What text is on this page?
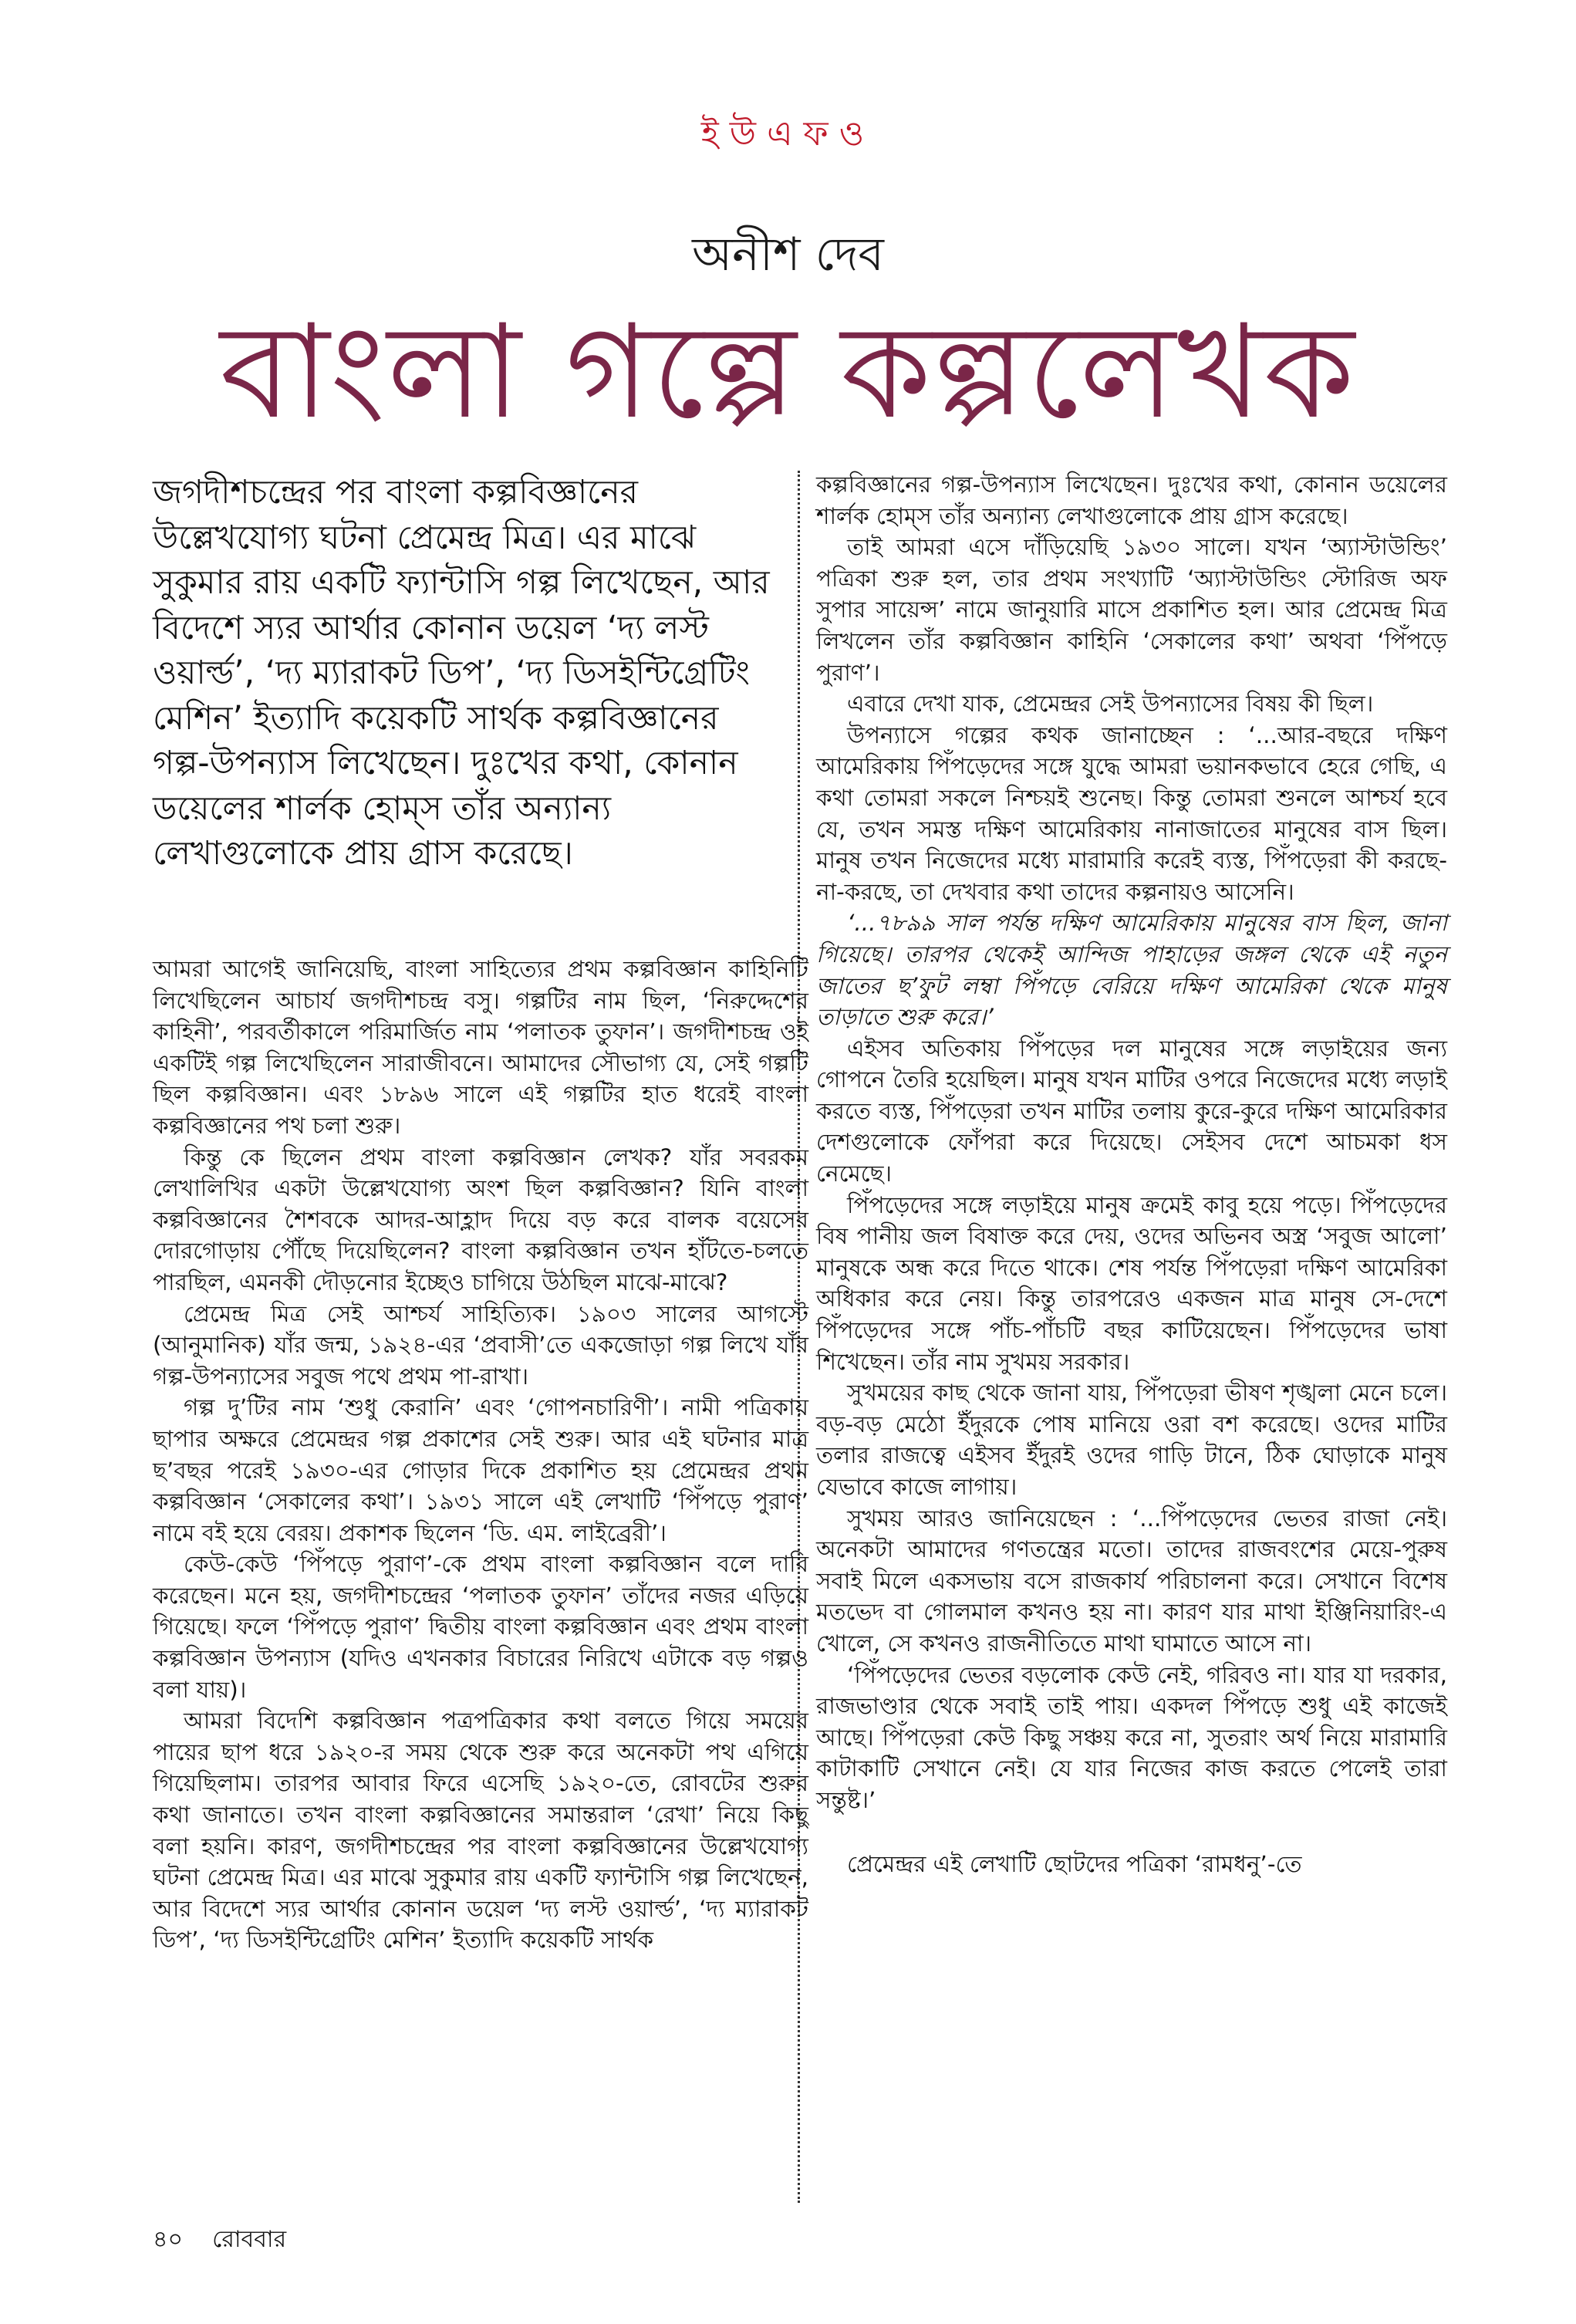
ইউএফও
অনীশ দেব
বাংলা গল্পে কল্পলেখক

জগদীশচন্দ্রের পর বাংলা কল্পবিজ্ঞানের উল্লেখযোগ্য ঘটনা প্রেমেন্দ্র মিত্র। এর মাঝে সুকুমার রায় একটি ফ্যান্টাসি গল্প লিখেছেন, আর বিদেশে স্যর আর্থার কোনান ডয়েল ‘দ্য লস্ট ওয়ার্ল্ড’, ‘দ্য ম্যারাকট ডিপ’, ‘দ্য ডিসইন্টিগ্রেটিং মেশিন’ ইত্যাদি কয়েকটি সার্থক কল্পবিজ্ঞানের গল্প-উপন্যাস লিখেছেন। দুঃখের কথা, কোনান ডয়েলের শার্লক হোম্স তাঁর অন্যান্য লেখাগুলোকে প্রায় গ্রাস করেছে।

আমরা আগেই জানিয়েছি, বাংলা সাহিত্যের প্রথম কল্পবিজ্ঞান কাহিনিটি লিখেছিলেন আচার্য জগদীশচন্দ্র বসু। গল্পটির নাম ছিল, ‘নিরুদ্দেশের কাহিনী’, পরবর্তীকালে পরিমার্জিত নাম ‘পলাতক তুফান’। জগদীশচন্দ্র ওই একটিই গল্প লিখেছিলেন সারাজীবনে। আমাদের সৌভাগ্য যে, সেই গল্পটি ছিল কল্পবিজ্ঞান। এবং ১৮৯৬ সালে এই গল্পটির হাত ধরেই বাংলা কল্পবিজ্ঞানের পথ চলা শুরু।

কিন্তু কে ছিলেন প্রথম বাংলা কল্পবিজ্ঞান লেখক? যাঁর সবরকম লেখালিখির একটা উল্লেখযোগ্য অংশ ছিল কল্পবিজ্ঞান? যিনি বাংলা কল্পবিজ্ঞানের শৈশবকে আদর-আহ্লাদ দিয়ে বড় করে বালক বয়েসের দোরগোড়ায় পৌঁছে দিয়েছিলেন? বাংলা কল্পবিজ্ঞান তখন হাঁটতে-চলতে পারছিল, এমনকী দৌড়নোর ইচ্ছেও চাগিয়ে উঠছিল মাঝে-মাঝে?

প্রেমেন্দ্র মিত্র সেই আশ্চর্য সাহিত্যিক। ১৯০৩ সালের আগস্টে (আনুমানিক) যাঁর জন্ম, ১৯২৪-এর ‘প্রবাসী’তে একজোড়া গল্প লিখে যাঁর গল্প-উপন্যাসের সবুজ পথে প্রথম পা-রাখা।

গল্প দু’টির নাম ‘শুধু কেরানি’ এবং ‘গোপনচারিণী’। নামী পত্রিকায় ছাপার অক্ষরে প্রেমেন্দ্রর গল্প প্রকাশের সেই শুরু। আর এই ঘটনার মাত্র ছ’বছর পরেই ১৯৩০-এর গোড়ার দিকে প্রকাশিত হয় প্রেমেন্দ্রর প্রথম কল্পবিজ্ঞান ‘সেকালের কথা’। ১৯৩১ সালে এই লেখাটি ‘পিঁপড়ে পুরাণ’ নামে বই হয়ে বেরয়। প্রকাশক ছিলেন ‘ডি. এম. লাইব্রেরী’।

কেউ-কেউ ‘পিঁপড়ে পুরাণ’-কে প্রথম বাংলা কল্পবিজ্ঞান বলে দাবি করেছেন। মনে হয়, জগদীশচন্দ্রের ‘পলাতক তুফান’ তাঁদের নজর এড়িয়ে গিয়েছে। ফলে ‘পিঁপড়ে পুরাণ’ দ্বিতীয় বাংলা কল্পবিজ্ঞান এবং প্রথম বাংলা কল্পবিজ্ঞান উপন্যাস (যদিও এখনকার বিচারের নিরিখে এটাকে বড় গল্পও বলা যায়)।

আমরা বিদেশি কল্পবিজ্ঞান পত্রপত্রিকার কথা বলতে গিয়ে সময়ের পায়ের ছাপ ধরে ১৯২০-র সময় থেকে শুরু করে অনেকটা পথ এগিয়ে গিয়েছিলাম। তারপর আবার ফিরে এসেছি ১৯২০-তে, রোবটের শুরুর কথা জানাতে। তখন বাংলা কল্পবিজ্ঞানের সমান্তরাল ‘রেখা’ নিয়ে কিছু বলা হয়নি। কারণ, জগদীশচন্দ্রের পর বাংলা কল্পবিজ্ঞানের উল্লেখযোগ্য ঘটনা প্রেমেন্দ্র মিত্র। এর মাঝে সুকুমার রায় একটি ফ্যান্টাসি গল্প লিখেছেন, আর বিদেশে স্যর আর্থার কোনান ডয়েল ‘দ্য লস্ট ওয়ার্ল্ড’, ‘দ্য ম্যারাকট ডিপ’, ‘দ্য ডিসইন্টিগ্রেটিং মেশিন’ ইত্যাদি কয়েকটি সার্থক

কল্পবিজ্ঞানের গল্প-উপন্যাস লিখেছেন। দুঃখের কথা, কোনান ডয়েলের শার্লক হোম্স তাঁর অন্যান্য লেখাগুলোকে প্রায় গ্রাস করেছে।

তাই আমরা এসে দাঁড়িয়েছি ১৯৩০ সালে। যখন ‘অ্যাস্টাউন্ডিং’ পত্রিকা শুরু হল, তার প্রথম সংখ্যাটি ‘অ্যাস্টাউন্ডিং স্টোরিজ অফ সুপার সায়েন্স’ নামে জানুয়ারি মাসে প্রকাশিত হল। আর প্রেমেন্দ্র মিত্র লিখলেন তাঁর কল্পবিজ্ঞান কাহিনি ‘সেকালের কথা’ অথবা ‘পিঁপড়ে পুরাণ’।

এবারে দেখা যাক, প্রেমেন্দ্রর সেই উপন্যাসের বিষয় কী ছিল।

উপন্যাসে গল্পের কথক জানাচ্ছেন : ‘...আর-বছরে দক্ষিণ আমেরিকায় পিঁপড়েদের সঙ্গে যুদ্ধে আমরা ভয়ানকভাবে হেরে গেছি, এ কথা তোমরা সকলে নিশ্চয়ই শুনেছ। কিন্তু তোমরা শুনলে আশ্চর্য হবে যে, তখন সমস্ত দক্ষিণ আমেরিকায় নানাজাতের মানুষের বাস ছিল। মানুষ তখন নিজেদের মধ্যে মারামারি করেই ব্যস্ত, পিঁপড়েরা কী করছে-না-করছে, তা দেখবার কথা তাদের কল্পনায়ও আসেনি।

‘...৭৮৯৯ সাল পর্যন্ত দক্ষিণ আমেরিকায় মানুষের বাস ছিল, জানা গিয়েছে। তারপর থেকেই আন্দিজ পাহাড়ের জঙ্গল থেকে এই নতুন জাতের ছ’ফুট লম্বা পিঁপড়ে বেরিয়ে দক্ষিণ আমেরিকা থেকে মানুষ তাড়াতে শুরু করে।’

এইসব অতিকায় পিঁপড়ের দল মানুষের সঙ্গে লড়াইয়ের জন্য গোপনে তৈরি হয়েছিল। মানুষ যখন মাটির ওপরে নিজেদের মধ্যে লড়াই করতে ব্যস্ত, পিঁপড়েরা তখন মাটির তলায় কুরে-কুরে দক্ষিণ আমেরিকার দেশগুলোকে ফোঁপরা করে দিয়েছে। সেইসব দেশে আচমকা ধস নেমেছে।

পিঁপড়েদের সঙ্গে লড়াইয়ে মানুষ ক্রমেই কাবু হয়ে পড়ে। পিঁপড়েদের বিষ পানীয় জল বিষাক্ত করে দেয়, ওদের অভিনব অস্ত্র ‘সবুজ আলো’ মানুষকে অন্ধ করে দিতে থাকে। শেষ পর্যন্ত পিঁপড়েরা দক্ষিণ আমেরিকা অধিকার করে নেয়। কিন্তু তারপরেও একজন মাত্র মানুষ সে-দেশে পিঁপড়েদের সঙ্গে পাঁচ-পাঁচটি বছর কাটিয়েছেন। পিঁপড়েদের ভাষা শিখেছেন। তাঁর নাম সুখময় সরকার।

সুখময়ের কাছ থেকে জানা যায়, পিঁপড়েরা ভীষণ শৃঙ্খলা মেনে চলে। বড়-বড় মেঠো ইঁদুরকে পোষ মানিয়ে ওরা বশ করেছে। ওদের মাটির তলার রাজত্বে এইসব ইঁদুরই ওদের গাড়ি টানে, ঠিক ঘোড়াকে মানুষ যেভাবে কাজে লাগায়।

সুখময় আরও জানিয়েছেন : ‘...পিঁপড়েদের ভেতর রাজা নেই। অনেকটা আমাদের গণতন্ত্রের মতো। তাদের রাজবংশের মেয়ে-পুরুষ সবাই মিলে একসভায় বসে রাজকার্য পরিচালনা করে। সেখানে বিশেষ মতভেদ বা গোলমাল কখনও হয় না। কারণ যার মাথা ইঞ্জিনিয়ারিং-এ খোলে, সে কখনও রাজনীতিতে মাথা ঘামাতে আসে না।

‘পিঁপড়েদের ভেতর বড়লোক কেউ নেই, গরিবও না। যার যা দরকার, রাজভাণ্ডার থেকে সবাই তাই পায়। একদল পিঁপড়ে শুধু এই কাজেই আছে। পিঁপড়েরা কেউ কিছু সঞ্চয় করে না, সুতরাং অর্থ নিয়ে মারামারি কাটাকাটি সেখানে নেই। যে যার নিজের কাজ করতে পেলেই তারা সন্তুষ্ট।’

প্রেমেন্দ্রর এই লেখাটি ছোটদের পত্রিকা ‘রামধনু’-তে

৪০ রোববার
